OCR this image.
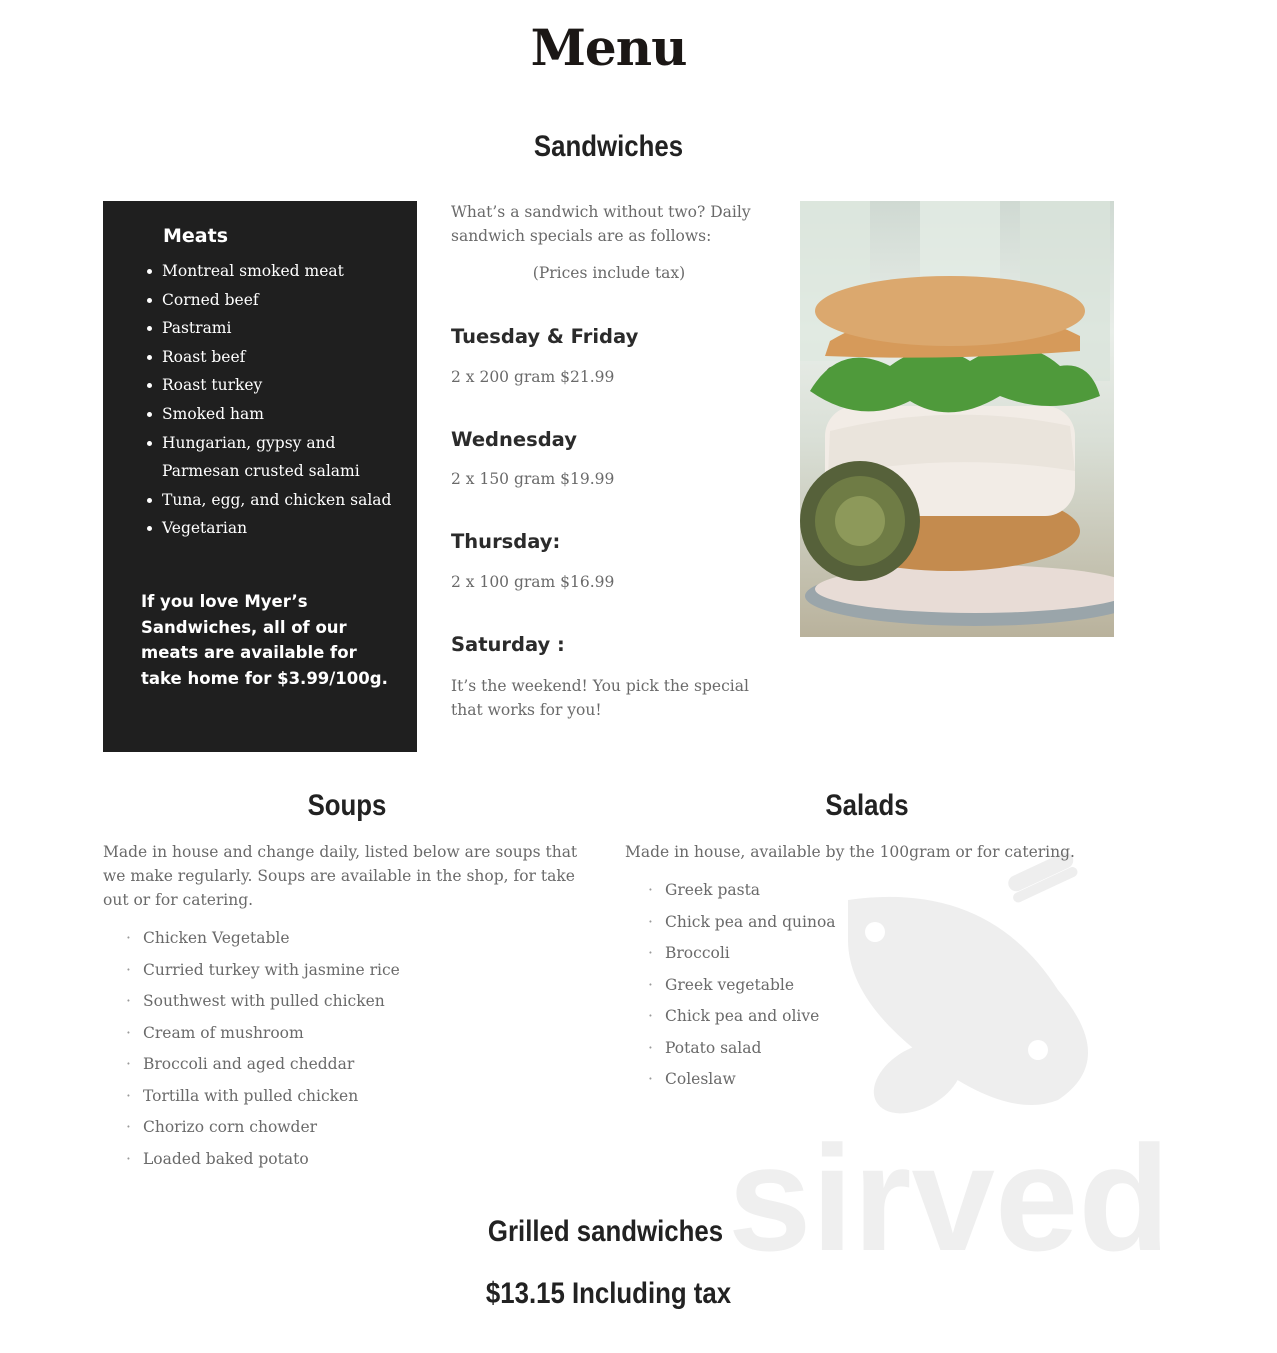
Menu
Sandwiches
Meats
Montreal smoked meat
Corned beef
Pastrami
Roast beef
Roast turkey
Smoked ham
Hungarian, gypsy and Parmesan crusted salami
Tuna, egg, and chicken salad
Vegetarian
If you love Myer’s Sandwiches, all of our meats are available for take home for $3.99/100g.
What’s a sandwich without two? Daily sandwich specials are as follows:
(Prices include tax)
Tuesday & Friday
2 x 200 gram $21.99
Wednesday
2 x 150 gram $19.99
Thursday:
2 x 100 gram $16.99
Saturday :
It’s the weekend! You pick the special that works for you!
Soups
Made in house and change daily, listed below are soups that we make regularly. Soups are available in the shop, for take out or for catering.
· Chicken Vegetable
· Curried turkey with jasmine rice
· Southwest with pulled chicken
· Cream of mushroom
· Broccoli and aged cheddar
· Tortilla with pulled chicken
· Chorizo corn chowder
· Loaded baked potato	sirved
Salads
Made in house, available by the 100gram or for catering.
· Greek pasta
· Chick pea and quinoa
· Broccoli
· Greek vegetable
· Chick pea and olive
· Potato salad
· Coleslaw
Grilled sandwiches
$13.15 Including tax
